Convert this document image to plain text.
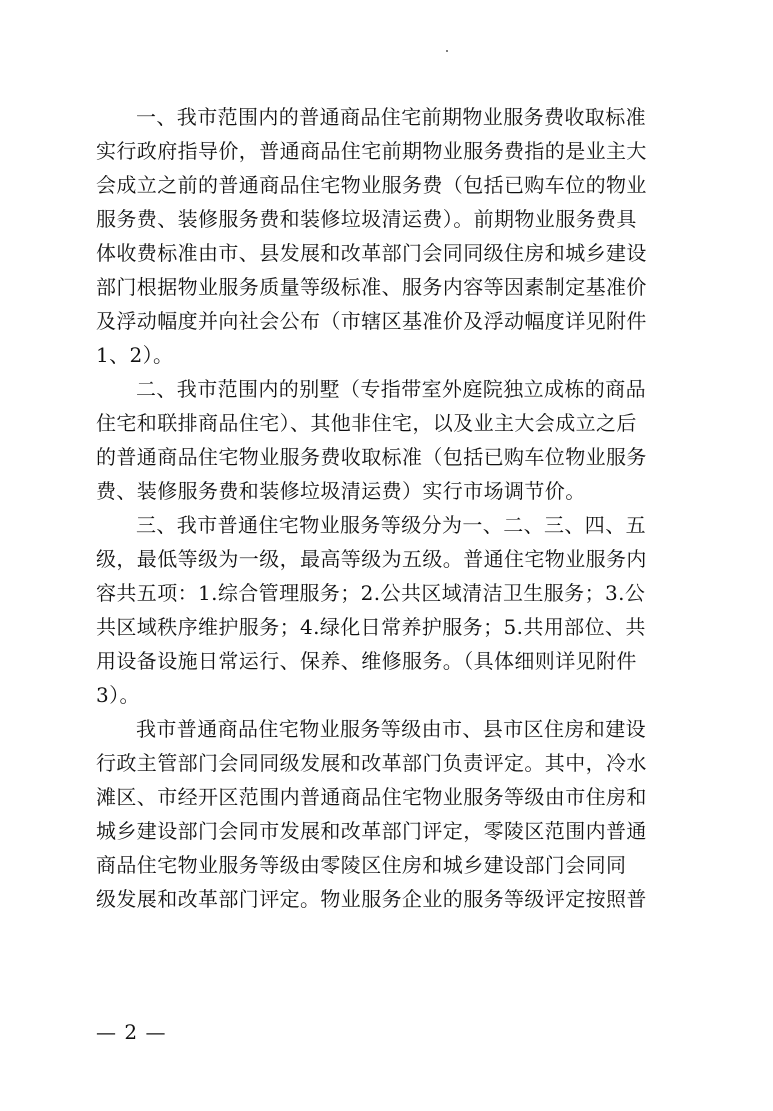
一、我市范围内的普通商品住宅前期物业服务费收取标准
实行政府指导价，普通商品住宅前期物业服务费指的是业主大
会成立之前的普通商品住宅物业服务费（包括已购车位的物业
服务费、装修服务费和装修垃圾清运费）。前期物业服务费具
体收费标准由市、县发展和改革部门会同同级住房和城乡建设
部门根据物业服务质量等级标准、服务内容等因素制定基准价
及浮动幅度并向社会公布（市辖区基准价及浮动幅度详见附件
1、2）。

二、我市范围内的别墅（专指带室外庭院独立成栋的商品
住宅和联排商品住宅）、其他非住宅，以及业主大会成立之后
的普通商品住宅物业服务费收取标准（包括已购车位物业服务
费、装修服务费和装修垃圾清运费）实行市场调节价。

三、我市普通住宅物业服务等级分为一、二、三、四、五
级，最低等级为一级，最高等级为五级。普通住宅物业服务内
容共五项：1.综合管理服务；2.公共区域清洁卫生服务；3.公
共区域秩序维护服务；4.绿化日常养护服务；5.共用部位、共
用设备设施日常运行、保养、维修服务。（具体细则详见附件
3）。

我市普通商品住宅物业服务等级由市、县市区住房和建设
行政主管部门会同同级发展和改革部门负责评定。其中，冷水
滩区、市经开区范围内普通商品住宅物业服务等级由市住房和
城乡建设部门会同市发展和改革部门评定，零陵区范围内普通
商品住宅物业服务等级由零陵区住房和城乡建设部门会同同
级发展和改革部门评定。物业服务企业的服务等级评定按照普

— 2 —
